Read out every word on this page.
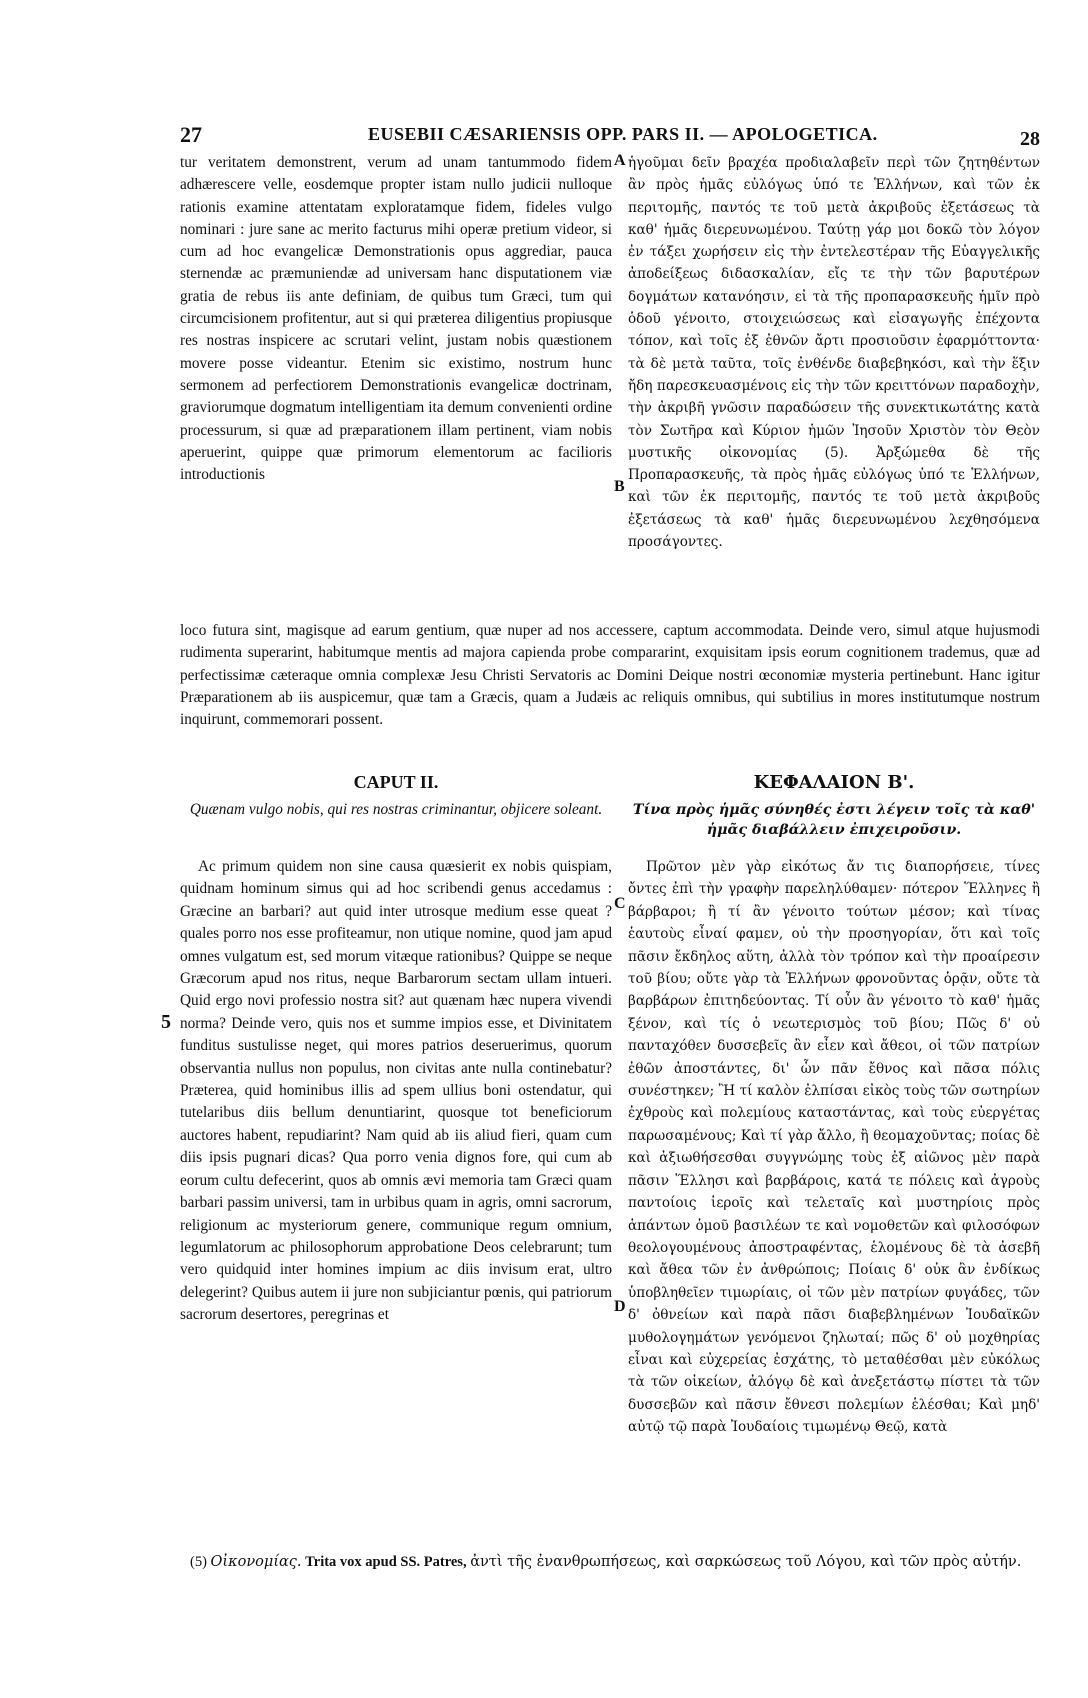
27	EUSEBII CÆSARIENSIS OPP. PARS II. — APOLOGETICA.	28

tur veritatem demonstrent, verum ad unam tantummodo fidem adhærescere velle, eosdemque propter istam nullo judicii nulloque rationis examine attentatam exploratamque fidem, fideles vulgo nominari : jure sane ac merito facturus mihi operæ pretium videor, si cum ad hoc evangelicæ Demonstrationis opus aggrediar, pauca sternendæ ac præmuniendæ ad universam hanc disputationem viæ gratia de rebus iis ante definiam, de quibus tum Græci, tum qui circumcisionem profitentur, aut si qui præterea diligentius propiusque res nostras inspicere ac scrutari velint, justam nobis quæstionem movere posse videantur. Etenim sic existimo, nostrum hunc sermonem ad perfectiorem Demonstrationis evangelicæ doctrinam, graviorumque dogmatum intelligentiam ita demum convenienti ordine processurum, si quæ ad præparationem illam pertinent, viam nobis aperuerint, quippe quæ primorum elementorum ac facilioris introductionis

A
B

ἡγοῦμαι δεῖν βραχέα προδιαλαβεῖν περὶ τῶν ζητηθέντων ἂν πρὸς ἡμᾶς εὐλόγως ὑπό τε Ἑλλήνων, καὶ τῶν ἐκ περιτομῆς, παντός τε τοῦ μετὰ ἀκριβοῦς ἐξετάσεως τὰ καθ' ἡμᾶς διερευνωμένου. Ταύτῃ γάρ μοι δοκῶ τὸν λόγον ἐν τάξει χωρήσειν εἰς τὴν ἐντελεστέραν τῆς Εὐαγγελικῆς ἀποδείξεως διδασκαλίαν, εἴς τε τὴν τῶν βαρυτέρων δογμάτων κατανόησιν, εἰ τὰ τῆς προπαρασκευῆς ἡμῖν πρὸ ὁδοῦ γένοιτο, στοιχειώσεως καὶ εἰσαγωγῆς ἐπέχοντα τόπον, καὶ τοῖς ἐξ ἐθνῶν ἄρτι προσιοῦσιν ἐφαρμόττοντα· τὰ δὲ μετὰ ταῦτα, τοῖς ἐνθένδε διαβεβηκόσι, καὶ τὴν ἕξιν ἤδη παρεσκευασμένοις εἰς τὴν τῶν κρειττόνων παραδοχὴν, τὴν ἀκριβῆ γνῶσιν παραδώσειν τῆς συνεκτικωτάτης κατὰ τὸν Σωτῆρα καὶ Κύριον ἡμῶν Ἰησοῦν Χριστὸν τὸν Θεὸν μυστικῆς οἰκονομίας (5). Ἀρξώμεθα δὲ τῆς Προπαρασκευῆς, τὰ πρὸς ἡμᾶς εὐλόγως ὑπό τε Ἑλλήνων, καὶ τῶν ἐκ περιτομῆς, παντός τε τοῦ μετὰ ἀκριβοῦς ἐξετάσεως τὰ καθ' ἡμᾶς διερευνωμένου λεχθησόμενα προσάγοντες.

loco futura sint, magisque ad earum gentium, quæ nuper ad nos accessere, captum accommodata. Deinde vero, simul atque hujusmodi rudimenta superarint, habitumque mentis ad majora capienda probe compararint, exquisitam ipsis eorum cognitionem trademus, quæ ad perfectissimæ cæteraque omnia complexæ Jesu Christi Servatoris ac Domini Deique nostri œconomiæ mysteria pertinebunt. Hanc igitur Præparationem ab iis auspicemur, quæ tam a Græcis, quam a Judæis ac reliquis omnibus, qui subtilius in mores institutumque nostrum inquirunt, commemorari possent.

CAPUT II.	ΚΕΦΑΛΑΙΟΝ Β'.
Quænam vulgo nobis, qui res nostras criminantur, objicere soleant.	Τίνα πρὸς ἡμᾶς σύνηθές ἐστι λέγειν τοῖς τὰ καθ' ἡμᾶς διαβάλλειν ἐπιχειροῦσιν.

Ac primum quidem non sine causa quæsierit ex nobis quispiam, quidnam hominum simus qui ad hoc scribendi genus accedamus : Græcine an barbari? aut quid inter utrosque medium esse queat ? quales porro nos esse profiteamur, non utique nomine, quod jam apud omnes vulgatum est, sed morum vitæque rationibus? Quippe se neque Græcorum apud nos ritus, neque Barbarorum sectam ullam intueri. Quid ergo novi professio nostra sit? aut quænam hæc nupera vivendi norma? Deinde vero, quis nos et summe impios esse, et Divinitatem funditus sustulisse neget, qui mores patrios deseruerimus, quorum observantia nullus non populus, non civitas ante nulla continebatur? Præterea, quid hominibus illis ad spem ullius boni ostendatur, qui tutelaribus diis bellum denuntiarint, quosque tot beneficiorum auctores habent, repudiarint? Nam quid ab iis aliud fieri, quam cum diis ipsis pugnari dicas? Qua porro venia dignos fore, qui cum ab eorum cultu defecerint, quos ab omnis ævi memoria tam Græci quam barbari passim universi, tam in urbibus quam in agris, omni sacrorum, religionum ac mysteriorum genere, communique regum omnium, legumlatorum ac philosophorum approbatione Deos celebrarunt; tum vero quidquid inter homines impium ac diis invisum erat, ultro delegerint? Quibus autem ii jure non subjiciantur pœnis, qui patriorum sacrorum desertores, peregrinas et

5
C
D

Πρῶτον μὲν γὰρ εἰκότως ἄν τις διαπορήσειε, τίνες ὄντες ἐπὶ τὴν γραφὴν παρεληλύθαμεν· πότερον Ἕλληνες ἢ βάρβαροι; ἢ τί ἂν γένοιτο τούτων μέσον; καὶ τίνας ἑαυτοὺς εἶναί φαμεν, οὐ τὴν προσηγορίαν, ὅτι καὶ τοῖς πᾶσιν ἔκδηλος αὕτη, ἀλλὰ τὸν τρόπον καὶ τὴν προαίρεσιν τοῦ βίου; οὔτε γὰρ τὰ Ἑλλήνων φρονοῦντας ὁρᾷν, οὔτε τὰ βαρβάρων ἐπιτηδεύοντας. Τί οὖν ἂν γένοιτο τὸ καθ' ἡμᾶς ξένον, καὶ τίς ὁ νεωτερισμὸς τοῦ βίου; Πῶς δ' οὐ πανταχόθεν δυσσεβεῖς ἂν εἶεν καὶ ἄθεοι, οἱ τῶν πατρίων ἐθῶν ἀποστάντες, δι' ὧν πᾶν ἔθνος καὶ πᾶσα πόλις συνέστηκεν; Ἢ τί καλὸν ἐλπίσαι εἰκὸς τοὺς τῶν σωτηρίων ἐχθροὺς καὶ πολεμίους καταστάντας, καὶ τοὺς εὐεργέτας παρωσαμένους; Καὶ τί γὰρ ἄλλο, ἢ θεομαχοῦντας; ποίας δὲ καὶ ἀξιωθήσεσθαι συγγνώμης τοὺς ἐξ αἰῶνος μὲν παρὰ πᾶσιν Ἕλλησι καὶ βαρβάροις, κατά τε πόλεις καὶ ἀγροὺς παντοίοις ἱεροῖς καὶ τελεταῖς καὶ μυστηρίοις πρὸς ἁπάντων ὁμοῦ βασιλέων τε καὶ νομοθετῶν καὶ φιλοσόφων θεολογουμένους ἀποστραφέντας, ἑλομένους δὲ τὰ ἀσεβῆ καὶ ἄθεα τῶν ἐν ἀνθρώποις; Ποίαις δ' οὐκ ἂν ἐνδίκως ὑποβληθεῖεν τιμωρίαις, οἱ τῶν μὲν πατρίων φυγάδες, τῶν δ' ὀθνείων καὶ παρὰ πᾶσι διαβεβλημένων Ἰουδαϊκῶν μυθολογημάτων γενόμενοι ζηλωταί; πῶς δ' οὐ μοχθηρίας εἶναι καὶ εὐχερείας ἐσχάτης, τὸ μεταθέσθαι μὲν εὐκόλως τὰ τῶν οἰκείων, ἀλόγῳ δὲ καὶ ἀνεξετάστῳ πίστει τὰ τῶν δυσσεβῶν καὶ πᾶσιν ἔθνεσι πολεμίων ἑλέσθαι; Καὶ μηδ' αὐτῷ τῷ παρὰ Ἰουδαίοις τιμωμένῳ Θεῷ, κατὰ

(5) Οἰκονομίας. Trita vox apud SS. Patres, ἀντὶ τῆς ἐνανθρωπήσεως, καὶ σαρκώσεως τοῦ Λόγου, καὶ τῶν πρὸς αὐτήν.
